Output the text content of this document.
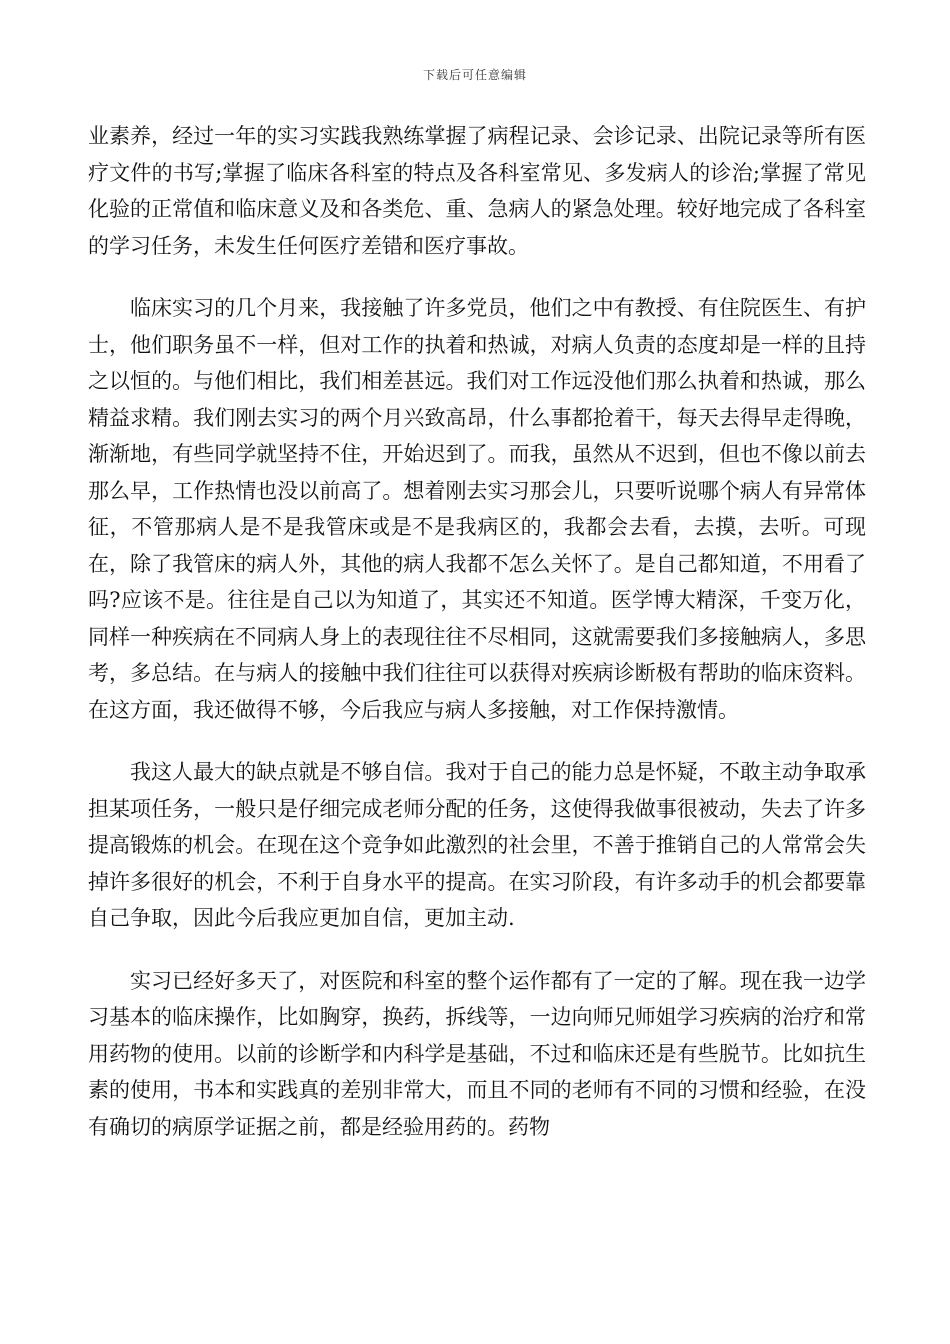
下载后可任意编辑

业素养，经过一年的实习实践我熟练掌握了病程记录、会诊记录、出院记录等所有医疗文件的书写;掌握了临床各科室的特点及各科室常见、多发病人的诊治;掌握了常见化验的正常值和临床意义及和各类危、重、急病人的紧急处理。较好地完成了各科室的学习任务，未发生任何医疗差错和医疗事故。

临床实习的几个月来，我接触了许多党员，他们之中有教授、有住院医生、有护士，他们职务虽不一样，但对工作的执着和热诚，对病人负责的态度却是一样的且持之以恒的。与他们相比，我们相差甚远。我们对工作远没他们那么执着和热诚，那么精益求精。我们刚去实习的两个月兴致高昂，什么事都抢着干，每天去得早走得晚，渐渐地，有些同学就坚持不住，开始迟到了。而我，虽然从不迟到，但也不像以前去那么早，工作热情也没以前高了。想着刚去实习那会儿，只要听说哪个病人有异常体征，不管那病人是不是我管床或是不是我病区的，我都会去看，去摸，去听。可现在，除了我管床的病人外，其他的病人我都不怎么关怀了。是自己都知道，不用看了吗?应该不是。往往是自己以为知道了，其实还不知道。医学博大精深，千变万化，同样一种疾病在不同病人身上的表现往往不尽相同，这就需要我们多接触病人，多思考，多总结。在与病人的接触中我们往往可以获得对疾病诊断极有帮助的临床资料。在这方面，我还做得不够，今后我应与病人多接触，对工作保持激情。

我这人最大的缺点就是不够自信。我对于自己的能力总是怀疑，不敢主动争取承担某项任务，一般只是仔细完成老师分配的任务，这使得我做事很被动，失去了许多提高锻炼的机会。在现在这个竞争如此激烈的社会里，不善于推销自己的人常常会失掉许多很好的机会，不利于自身水平的提高。在实习阶段，有许多动手的机会都要靠自己争取，因此今后我应更加自信，更加主动.

实习已经好多天了，对医院和科室的整个运作都有了一定的了解。现在我一边学习基本的临床操作，比如胸穿，换药，拆线等，一边向师兄师姐学习疾病的治疗和常用药物的使用。以前的诊断学和内科学是基础，不过和临床还是有些脱节。比如抗生素的使用，书本和实践真的差别非常大，而且不同的老师有不同的习惯和经验，在没有确切的病原学证据之前，都是经验用药的。药物
